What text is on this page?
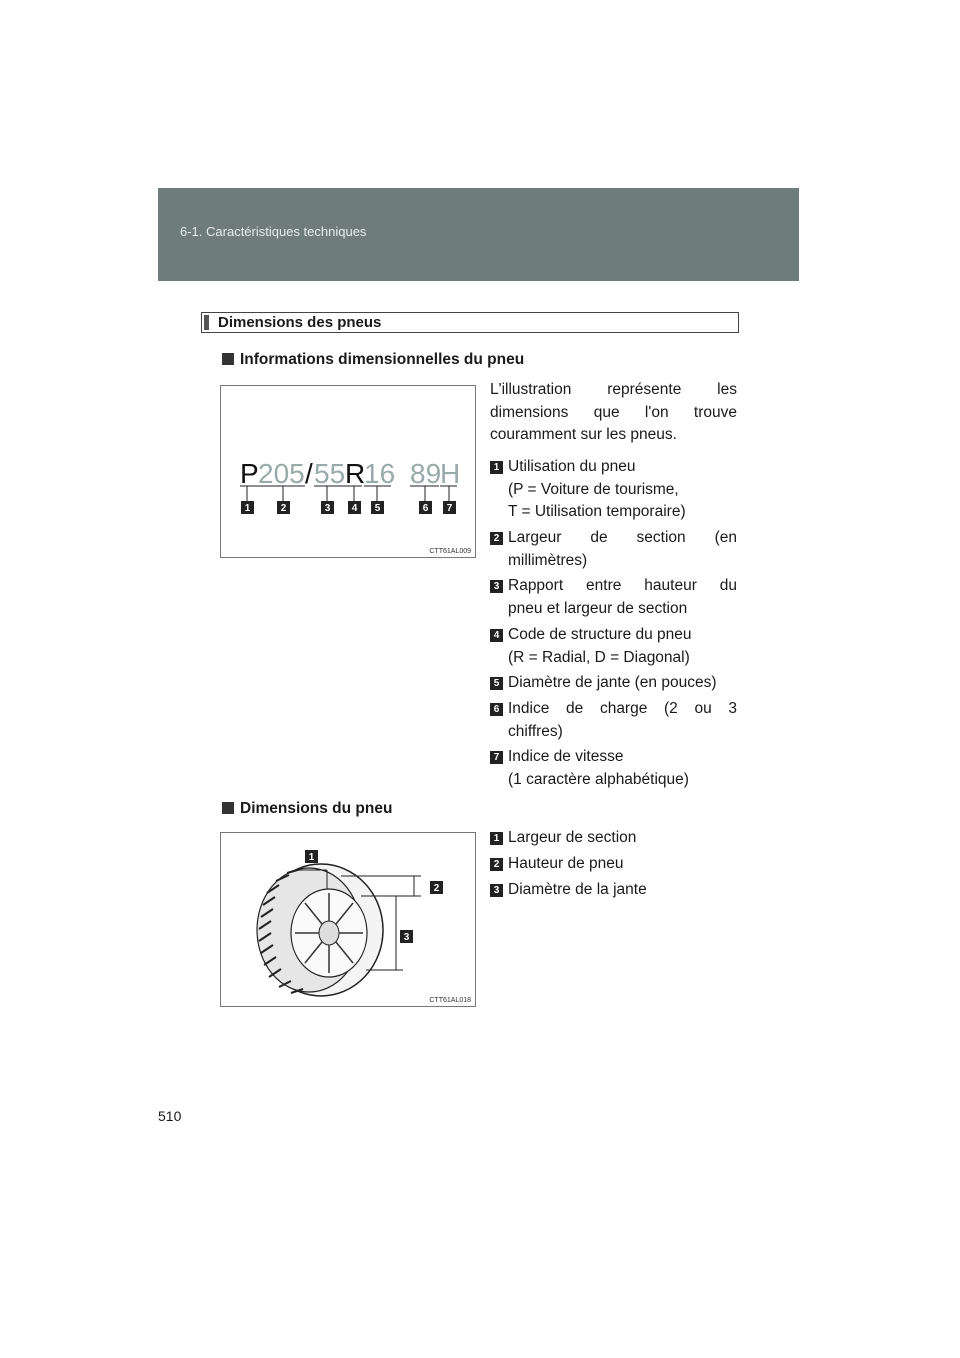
6-1. Caractéristiques techniques
Dimensions des pneus
Informations dimensionnelles du pneu
P 205 / 55 R
16 89
H
1	2	3 4 5	6 7
CTT61AL009
L'illustration représente les
dimensions que l'on trouve
couramment sur les pneus.
1 Utilisation du pneu
(P = Voiture de tourisme,
T = Utilisation temporaire)
2 Largeur de section (en
millimètres)
3 Rapport entre hauteur du
pneu et largeur de section
4 Code de structure du pneu
(R = Radial, D = Diagonal)
5 Diamètre de jante (en pouces)
6 Indice de charge (2 ou 3
chiffres)
7 Indice de vitesse
(1 caractère alphabétique)
Dimensions du pneu
1
2
3
CTT61AL018
1 Largeur de section
2 Hauteur de pneu
3 Diamètre de la jante
510
